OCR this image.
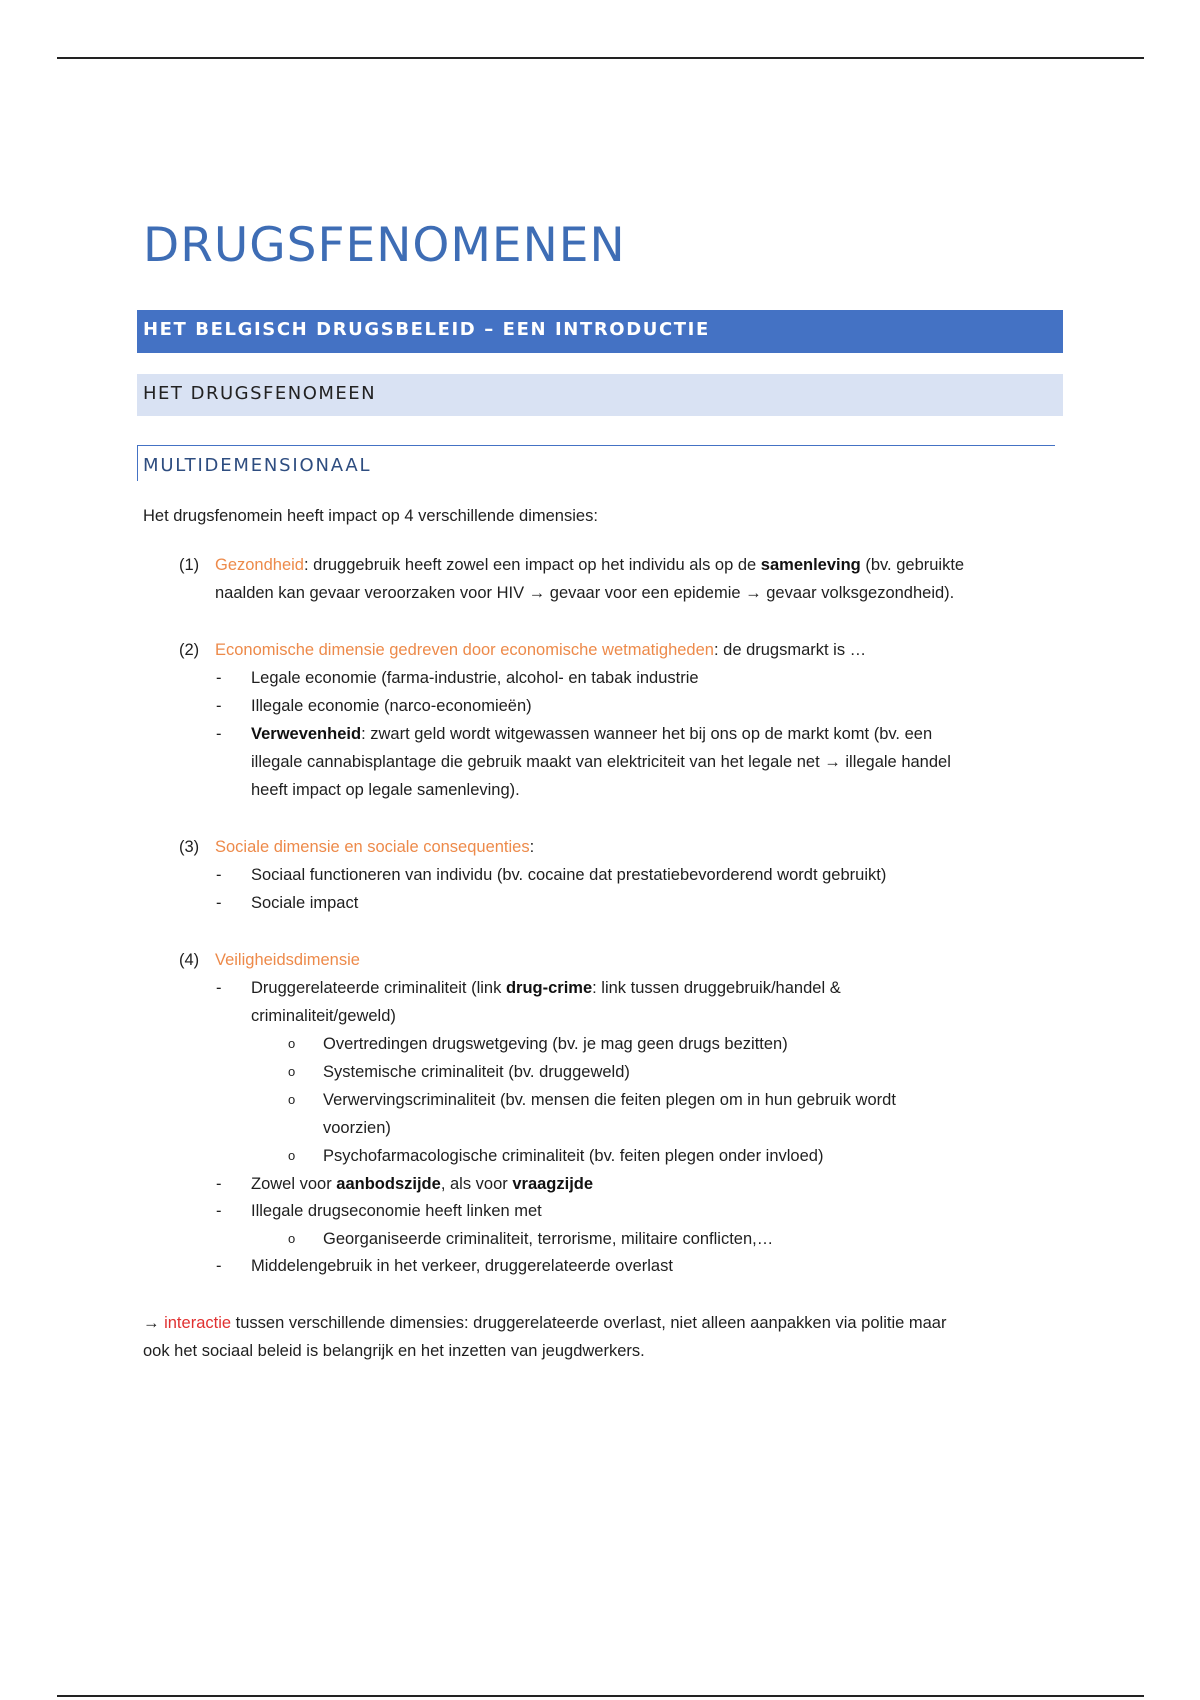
DRUGSFENOMENEN
HET BELGISCH DRUGSBELEID – EEN INTRODUCTIE
HET DRUGSFENOMEEN
MULTIDEMENSIONAAL
Het drugsfenomein heeft impact op 4 verschillende dimensies:
(1) Gezondheid: druggebruik heeft zowel een impact op het individu als op de samenleving (bv. gebruikte
naalden kan gevaar veroorzaken voor HIV → gevaar voor een epidemie → gevaar volksgezondheid).
(2) Economische dimensie gedreven door economische wetmatigheden: de drugsmarkt is …
- Legale economie (farma-industrie, alcohol- en tabak industrie
- Illegale economie (narco-economieën)
- Verwevenheid: zwart geld wordt witgewassen wanneer het bij ons op de markt komt (bv. een
illegale cannabisplantage die gebruik maakt van elektriciteit van het legale net → illegale handel
heeft impact op legale samenleving).
(3) Sociale dimensie en sociale consequenties:
- Sociaal functioneren van individu (bv. cocaine dat prestatiebevorderend wordt gebruikt)
- Sociale impact
(4) Veiligheidsdimensie
- Druggerelateerde criminaliteit (link drug-crime: link tussen druggebruik/handel &
criminaliteit/geweld)
o Overtredingen drugswetgeving (bv. je mag geen drugs bezitten)
o Systemische criminaliteit (bv. druggeweld)
o Verwervingscriminaliteit (bv. mensen die feiten plegen om in hun gebruik wordt
voorzien)
o Psychofarmacologische criminaliteit (bv. feiten plegen onder invloed)
- Zowel voor aanbodszijde, als voor vraagzijde
- Illegale drugseconomie heeft linken met
o Georganiseerde criminaliteit, terrorisme, militaire conflicten,…
- Middelengebruik in het verkeer, druggerelateerde overlast
→ interactie tussen verschillende dimensies: druggerelateerde overlast, niet alleen aanpakken via politie maar
ook het sociaal beleid is belangrijk en het inzetten van jeugdwerkers.
